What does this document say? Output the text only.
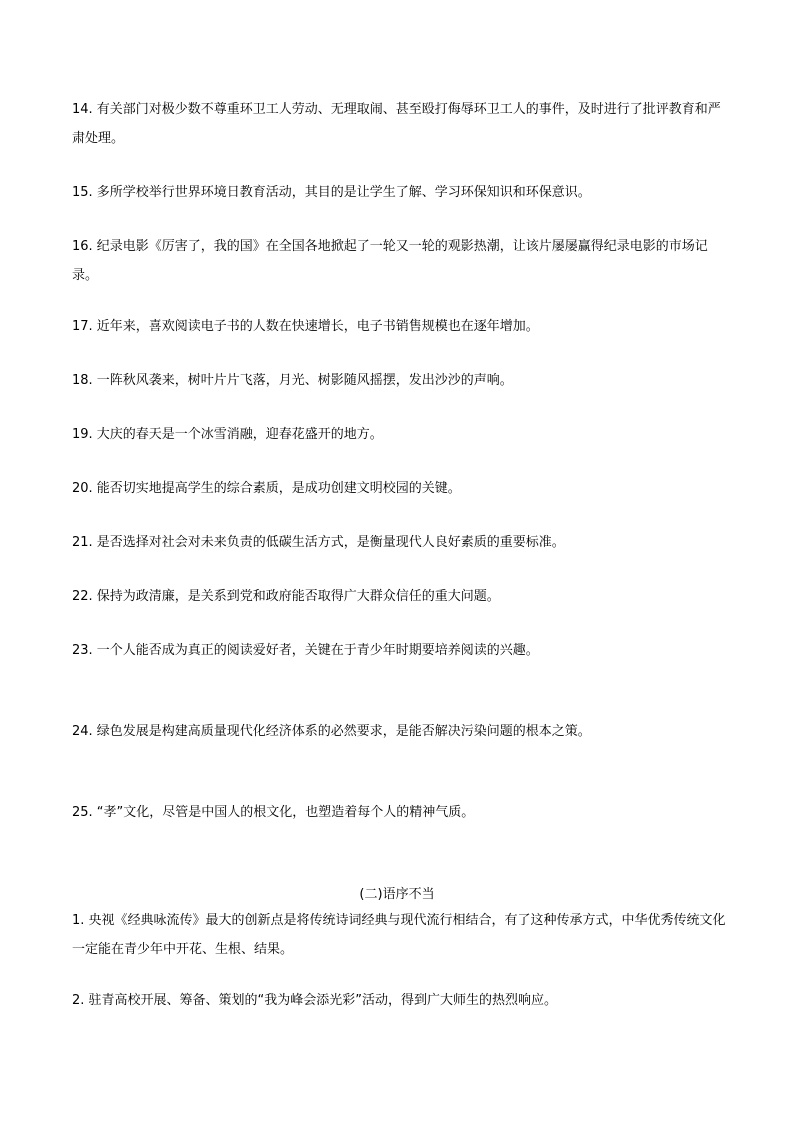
14. 有关部门对极少数不尊重环卫工人劳动、无理取闹、甚至殴打侮辱环卫工人的事件，及时进行了批评教育和严肃处理。
15. 多所学校举行世界环境日教育活动，其目的是让学生了解、学习环保知识和环保意识。
16. 纪录电影《厉害了，我的国》在全国各地掀起了一轮又一轮的观影热潮，让该片屡屡赢得纪录电影的市场记录。
17. 近年来，喜欢阅读电子书的人数在快速增长，电子书销售规模也在逐年增加。
18. 一阵秋风袭来，树叶片片飞落，月光、树影随风摇摆，发出沙沙的声响。
19. 大庆的春天是一个冰雪消融，迎春花盛开的地方。
20. 能否切实地提高学生的综合素质，是成功创建文明校园的关键。
21. 是否选择对社会对未来负责的低碳生活方式，是衡量现代人良好素质的重要标准。
22. 保持为政清廉，是关系到党和政府能否取得广大群众信任的重大问题。
23. 一个人能否成为真正的阅读爱好者，关键在于青少年时期要培养阅读的兴趣。
24. 绿色发展是构建高质量现代化经济体系的必然要求，是能否解决污染问题的根本之策。
25. “孝”文化，尽管是中国人的根文化，也塑造着每个人的精神气质。
(二)语序不当
1. 央视《经典咏流传》最大的创新点是将传统诗词经典与现代流行相结合，有了这种传承方式，中华优秀传统文化一定能在青少年中开花、生根、结果。
2. 驻青高校开展、筹备、策划的“我为峰会添光彩”活动，得到广大师生的热烈响应。
